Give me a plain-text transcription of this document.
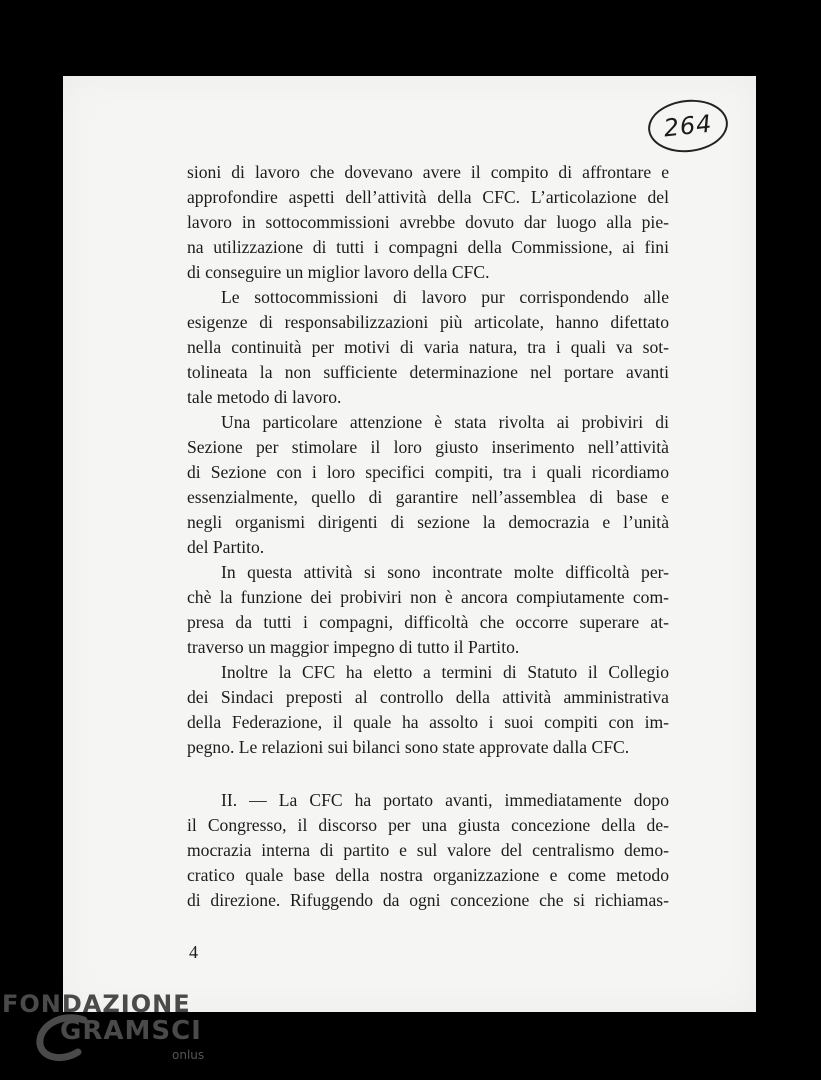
264

sioni di lavoro che dovevano avere il compito di affrontare e
approfondire aspetti dell’attività della CFC. L’articolazione del
lavoro in sottocommissioni avrebbe dovuto dar luogo alla pie-
na utilizzazione di tutti i compagni della Commissione, ai fini
di conseguire un miglior lavoro della CFC.

Le sottocommissioni di lavoro pur corrispondendo alle
esigenze di responsabilizzazioni più articolate, hanno difettato
nella continuità per motivi di varia natura, tra i quali va sot-
tolineata la non sufficiente determinazione nel portare avanti
tale metodo di lavoro.

Una particolare attenzione è stata rivolta ai probiviri di
Sezione per stimolare il loro giusto inserimento nell’attività
di Sezione con i loro specifici compiti, tra i quali ricordiamo
essenzialmente, quello di garantire nell’assemblea di base e
negli organismi dirigenti di sezione la democrazia e l’unità
del Partito.

In questa attività si sono incontrate molte difficoltà per-
chè la funzione dei probiviri non è ancora compiutamente com-
presa da tutti i compagni, difficoltà che occorre superare at-
traverso un maggior impegno di tutto il Partito.

Inoltre la CFC ha eletto a termini di Statuto il Collegio
dei Sindaci preposti al controllo della attività amministrativa
della Federazione, il quale ha assolto i suoi compiti con im-
pegno. Le relazioni sui bilanci sono state approvate dalla CFC.

II. — La CFC ha portato avanti, immediatamente dopo
il Congresso, il discorso per una giusta concezione della de-
mocrazia interna di partito e sul valore del centralismo demo-
cratico quale base della nostra organizzazione e come metodo
di direzione. Rifuggendo da ogni concezione che si richiamas-

4
FONDAZIONE
GRAMSCI
onlus
